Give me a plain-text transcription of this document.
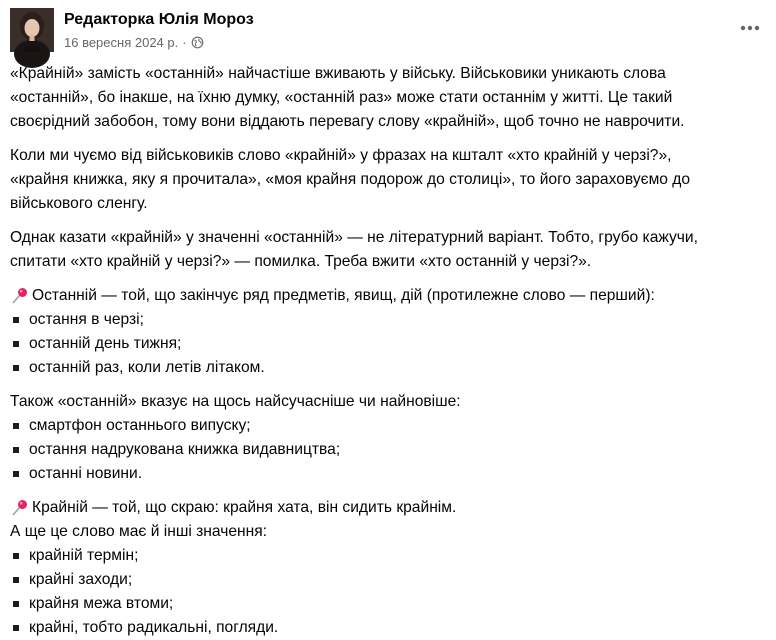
Редакторка Юлія Мороз
16 вересня 2024 р. ·

«Крайній» замість «останній» найчастіше вживають у війську. Військовики уникають слова
«останній», бо інакше, на їхню думку, «останній раз» може стати останнім у житті. Це такий
своєрідний забобон, тому вони віддають перевагу слову «крайній», щоб точно не наврочити.

Коли ми чуємо від військовиків слово «крайній» у фразах на кшталт «хто крайній у черзі?»,
«крайня книжка, яку я прочитала», «моя крайня подорож до столиці», то його зараховуємо до
військового сленгу.

Однак казати «крайній» у значенні «останній» — не літературний варіант. Тобто, грубо кажучи,
спитати «хто крайній у черзі?» — помилка. Треба вжити «хто останній у черзі?».

Останній — той, що закінчує ряд предметів, явищ, дій (протилежне слово — перший):
остання в черзі;
останній день тижня;
останній раз, коли летів літаком.
Також «останній» вказує на щось найсучасніше чи найновіше:
смартфон останнього випуску;
остання надрукована книжка видавництва;
останні новини.
Крайній — той, що скраю: крайня хата, він сидить крайнім.
А ще це слово має й інші значення:
крайній термін;
крайні заходи;
крайня межа втоми;
крайні, тобто радикальні, погляди.
